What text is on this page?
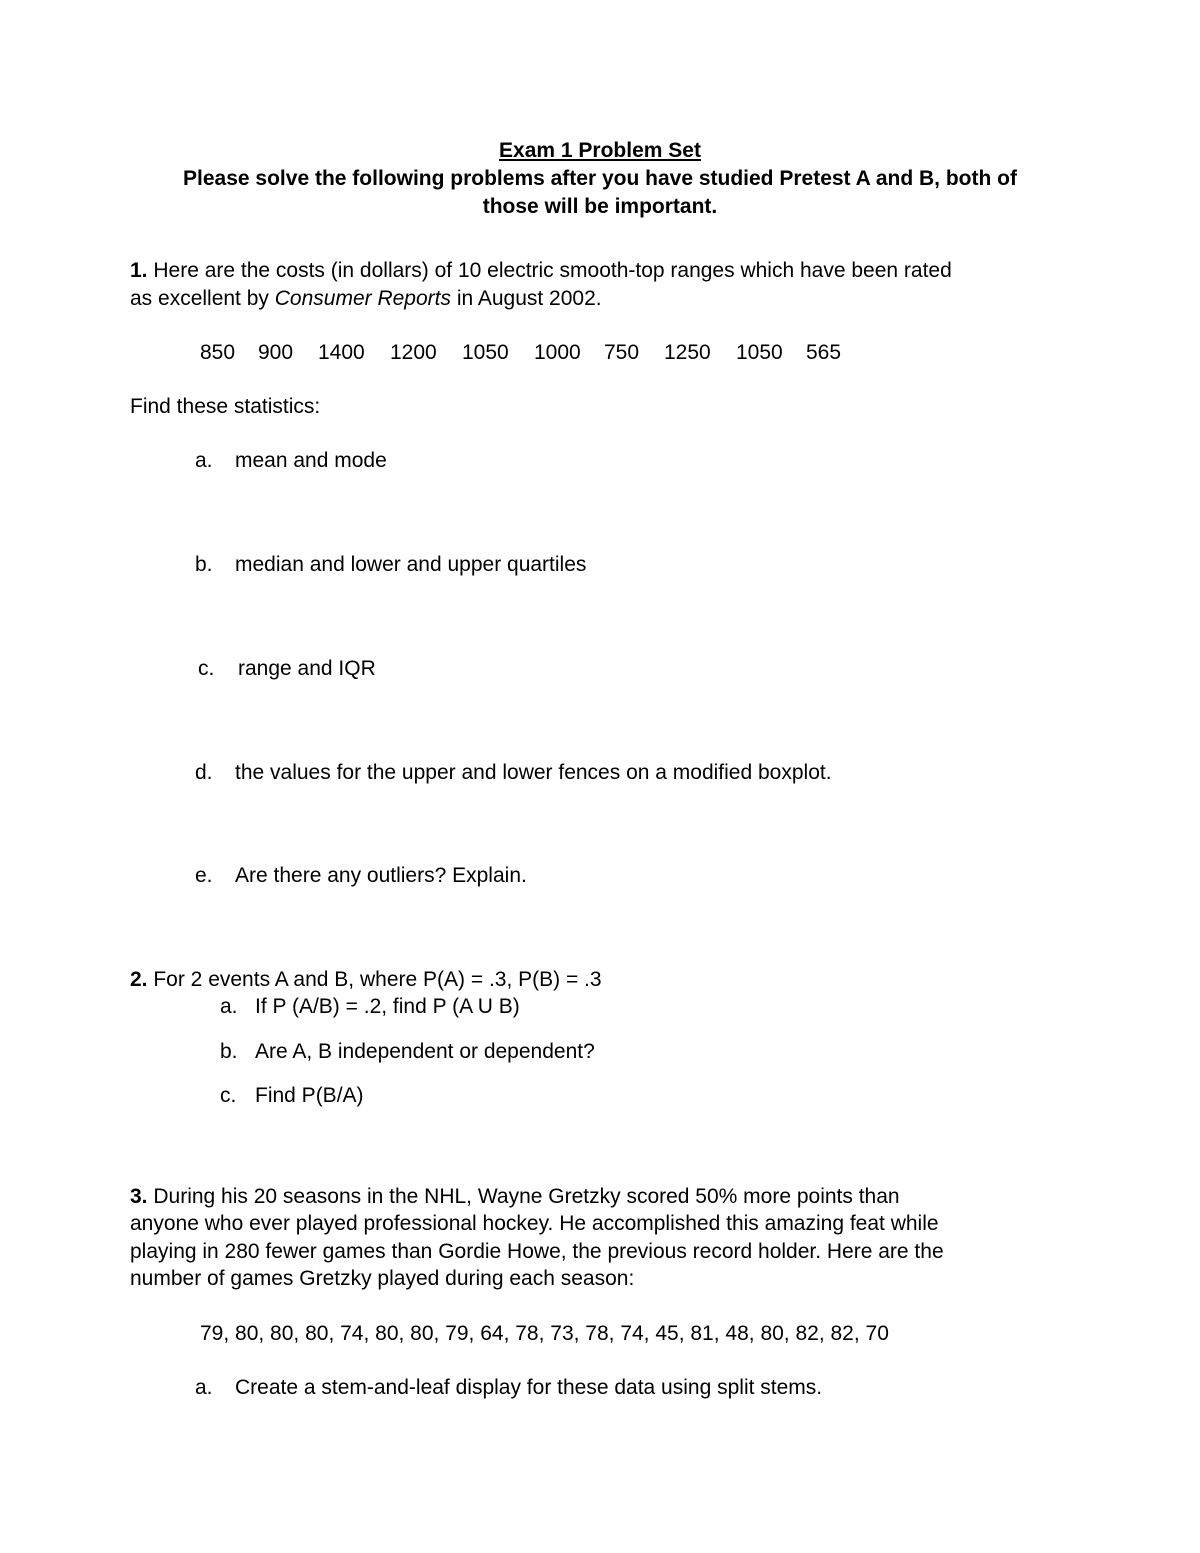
Exam 1 Problem Set
Please solve the following problems after you have studied Pretest A and B, both of
those will be important.
1. Here are the costs (in dollars) of 10 electric smooth-top ranges which have been rated
as excellent by Consumer Reports in August 2002.
850 900 1400 1200 1050 1000 750 1250 1050 565
Find these statistics:
a. mean and mode
b. median and lower and upper quartiles
c. range and IQR
d. the values for the upper and lower fences on a modified boxplot.
e. Are there any outliers? Explain.
2. For 2 events A and B, where P(A) = .3, P(B) = .3
a. If P (A/B) = .2, find P (A U B)
b. Are A, B independent or dependent?
c. Find P(B/A)
3. During his 20 seasons in the NHL, Wayne Gretzky scored 50% more points than
anyone who ever played professional hockey. He accomplished this amazing feat while
playing in 280 fewer games than Gordie Howe, the previous record holder. Here are the
number of games Gretzky played during each season:
79, 80, 80, 80, 74, 80, 80, 79, 64, 78, 73, 78, 74, 45, 81, 48, 80, 82, 82, 70
a. Create a stem-and-leaf display for these data using split stems.
